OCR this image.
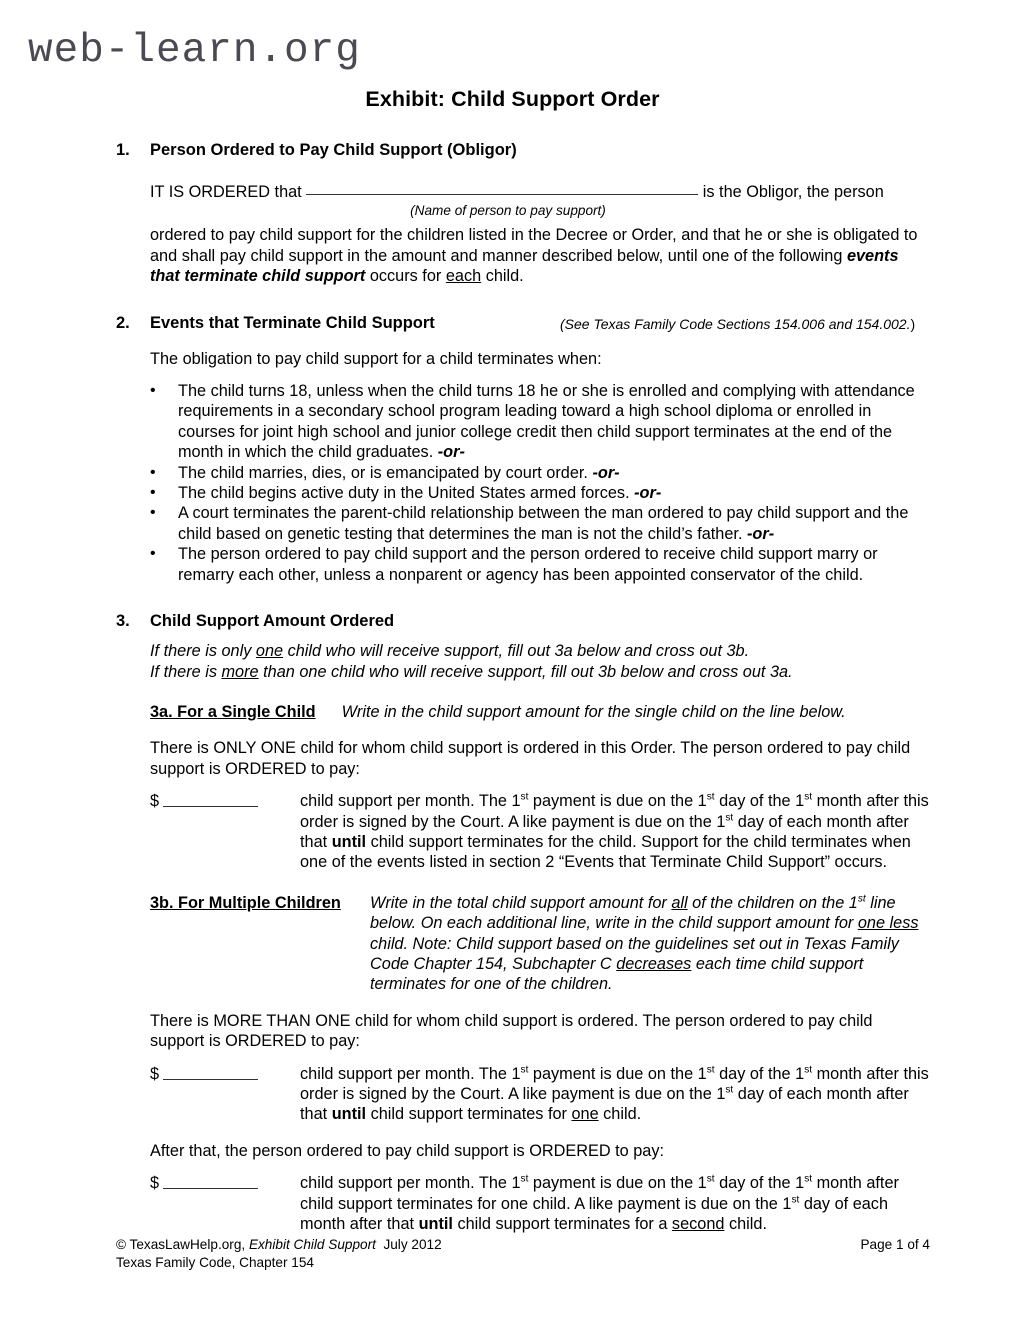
web-learn.org
Exhibit: Child Support Order
1. Person Ordered to Pay Child Support (Obligor)
IT IS ORDERED that	is the Obligor, the person
(Name of person to pay support)
ordered to pay child support for the children listed in the Decree or Order, and that he or she is obligated to and shall pay child support in the amount and manner described below, until one of the following events that terminate child support occurs for each child.
2. Events that Terminate Child Support	(See Texas Family Code Sections 154.006 and 154.002.)
The obligation to pay child support for a child terminates when:
• The child turns 18, unless when the child turns 18 he or she is enrolled and complying with attendance requirements in a secondary school program leading toward a high school diploma or enrolled in courses for joint high school and junior college credit then child support terminates at the end of the month in which the child graduates. -or-
• The child marries, dies, or is emancipated by court order. -or-
• The child begins active duty in the United States armed forces. -or-
• A court terminates the parent-child relationship between the man ordered to pay child support and the child based on genetic testing that determines the man is not the child’s father. -or-
• The person ordered to pay child support and the person ordered to receive child support marry or remarry each other, unless a nonparent or agency has been appointed conservator of the child.
3. Child Support Amount Ordered
If there is only one child who will receive support, fill out 3a below and cross out 3b.
If there is more than one child who will receive support, fill out 3b below and cross out 3a.
3a. For a Single Child Write in the child support amount for the single child on the line below.
There is ONLY ONE child for whom child support is ordered in this Order. The person ordered to pay child support is ORDERED to pay:
$	child support per month. The 1st payment is due on the 1st day of the 1st month after this order is signed by the Court. A like payment is due on the 1st day of each month after that until child support terminates for the child. Support for the child terminates when one of the events listed in section 2 “Events that Terminate Child Support” occurs.
3b. For Multiple Children Write in the total child support amount for all of the children on the 1st line below. On each additional line, write in the child support amount for one less child. Note: Child support based on the guidelines set out in Texas Family Code Chapter 154, Subchapter C decreases each time child support terminates for one of the children.
There is MORE THAN ONE child for whom child support is ordered. The person ordered to pay child support is ORDERED to pay:
$	child support per month. The 1st payment is due on the 1st day of the 1st month after this order is signed by the Court. A like payment is due on the 1st day of each month after that until child support terminates for one child.
After that, the person ordered to pay child support is ORDERED to pay:
$	child support per month. The 1st payment is due on the 1st day of the 1st month after child support terminates for one child. A like payment is due on the 1st day of each month after that until child support terminates for a second child.
© TexasLawHelp.org, Exhibit Child Support July 2012
Texas Family Code, Chapter 154
Page 1 of 4
